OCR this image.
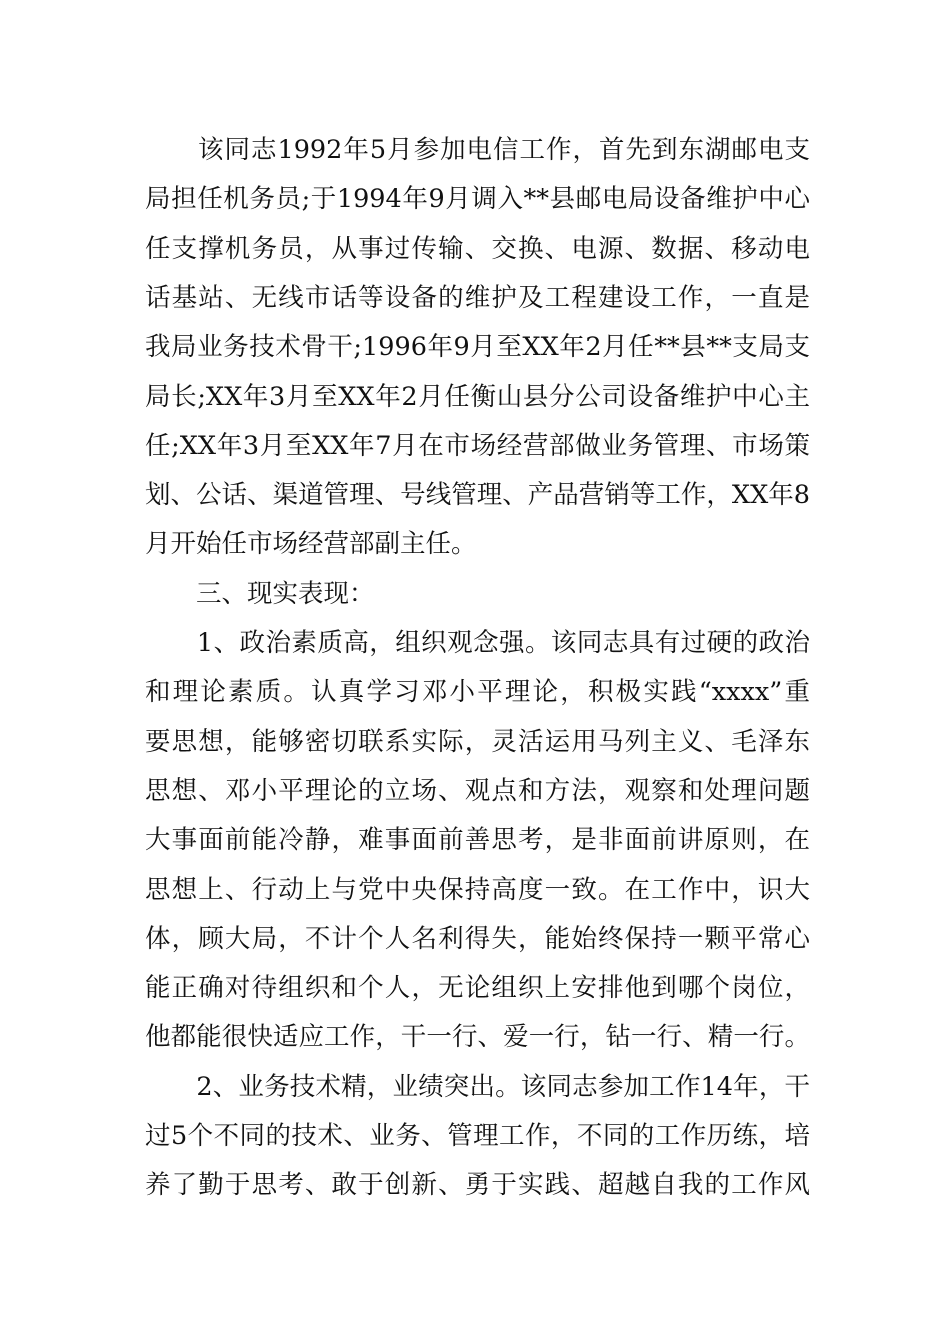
　　该同志1992年5月参加电信工作，首先到东湖邮电支
局担任机务员;于1994年9月调入**县邮电局设备维护中心
任支撑机务员，从事过传输、交换、电源、数据、移动电
话基站、无线市话等设备的维护及工程建设工作，一直是
我局业务技术骨干;1996年9月至XX年2月任**县**支局支
局长;XX年3月至XX年2月任衡山县分公司设备维护中心主
任;XX年3月至XX年7月在市场经营部做业务管理、市场策
划、公话、渠道管理、号线管理、产品营销等工作，XX年8
月开始任市场经营部副主任。
　　三、现实表现：
　　1、政治素质高，组织观念强。该同志具有过硬的政治
和理论素质。认真学习邓小平理论，积极实践“xxxx”重
要思想，能够密切联系实际，灵活运用马列主义、毛泽东
思想、邓小平理论的立场、观点和方法，观察和处理问题
大事面前能冷静，难事面前善思考，是非面前讲原则，在
思想上、行动上与党中央保持高度一致。在工作中，识大
体，顾大局，不计个人名利得失，能始终保持一颗平常心
能正确对待组织和个人，无论组织上安排他到哪个岗位，
他都能很快适应工作，干一行、爱一行，钻一行、精一行。
　　2、业务技术精，业绩突出。该同志参加工作14年，干
过5个不同的技术、业务、管理工作，不同的工作历练，培
养了勤于思考、敢于创新、勇于实践、超越自我的工作风
